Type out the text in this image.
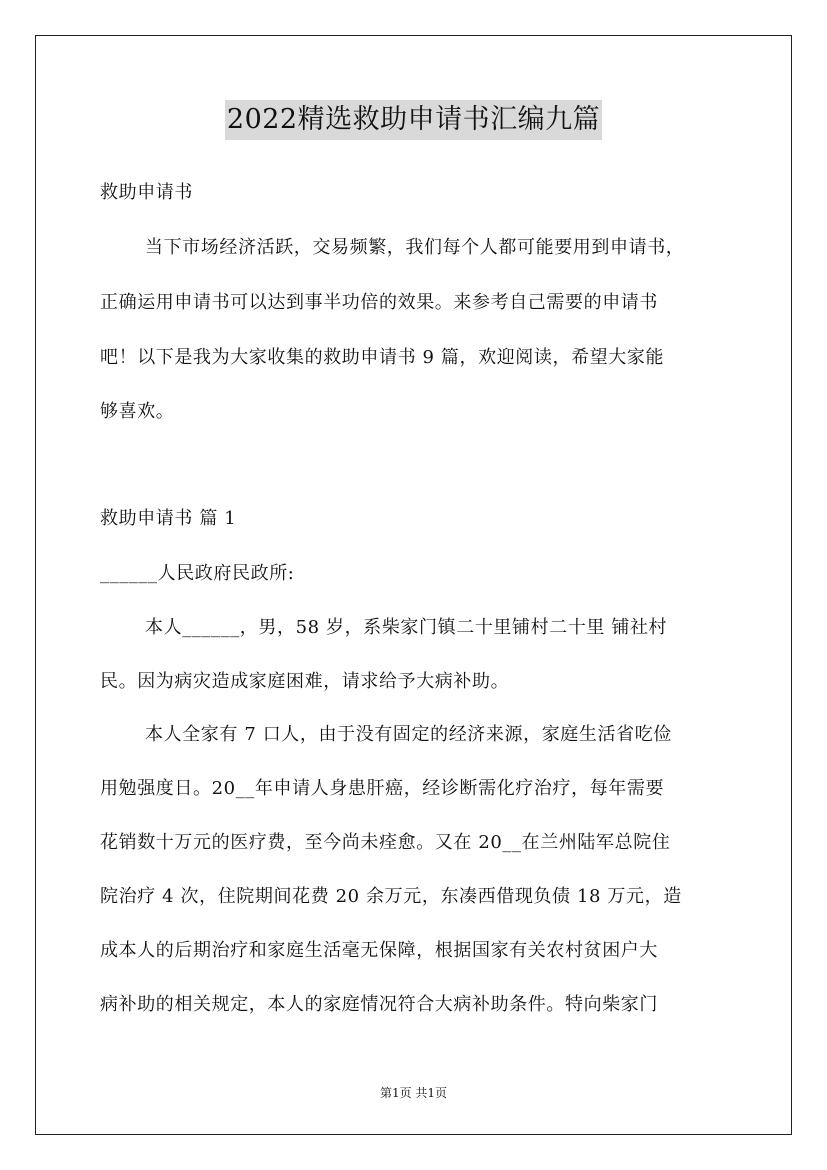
2022精选救助申请书汇编九篇
救助申请书
当下市场经济活跃，交易频繁，我们每个人都可能要用到申请书，
正确运用申请书可以达到事半功倍的效果。来参考自己需要的申请书
吧！以下是我为大家收集的救助申请书 9 篇，欢迎阅读，希望大家能
够喜欢。
救助申请书 篇 1
______人民政府民政所:
本人______，男，58 岁，系柴家门镇二十里铺村二十里 铺社村
民。因为病灾造成家庭困难，请求给予大病补助。
本人全家有 7 口人，由于没有固定的经济来源，家庭生活省吃俭
用勉强度日。20__年申请人身患肝癌，经诊断需化疗治疗，每年需要
花销数十万元的医疗费，至今尚未痊愈。又在 20__在兰州陆军总院住
院治疗 4 次，住院期间花费 20 余万元，东凑西借现负债 18 万元，造
成本人的后期治疗和家庭生活毫无保障，根据国家有关农村贫困户大
病补助的相关规定，本人的家庭情况符合大病补助条件。特向柴家门
第1页 共1页
